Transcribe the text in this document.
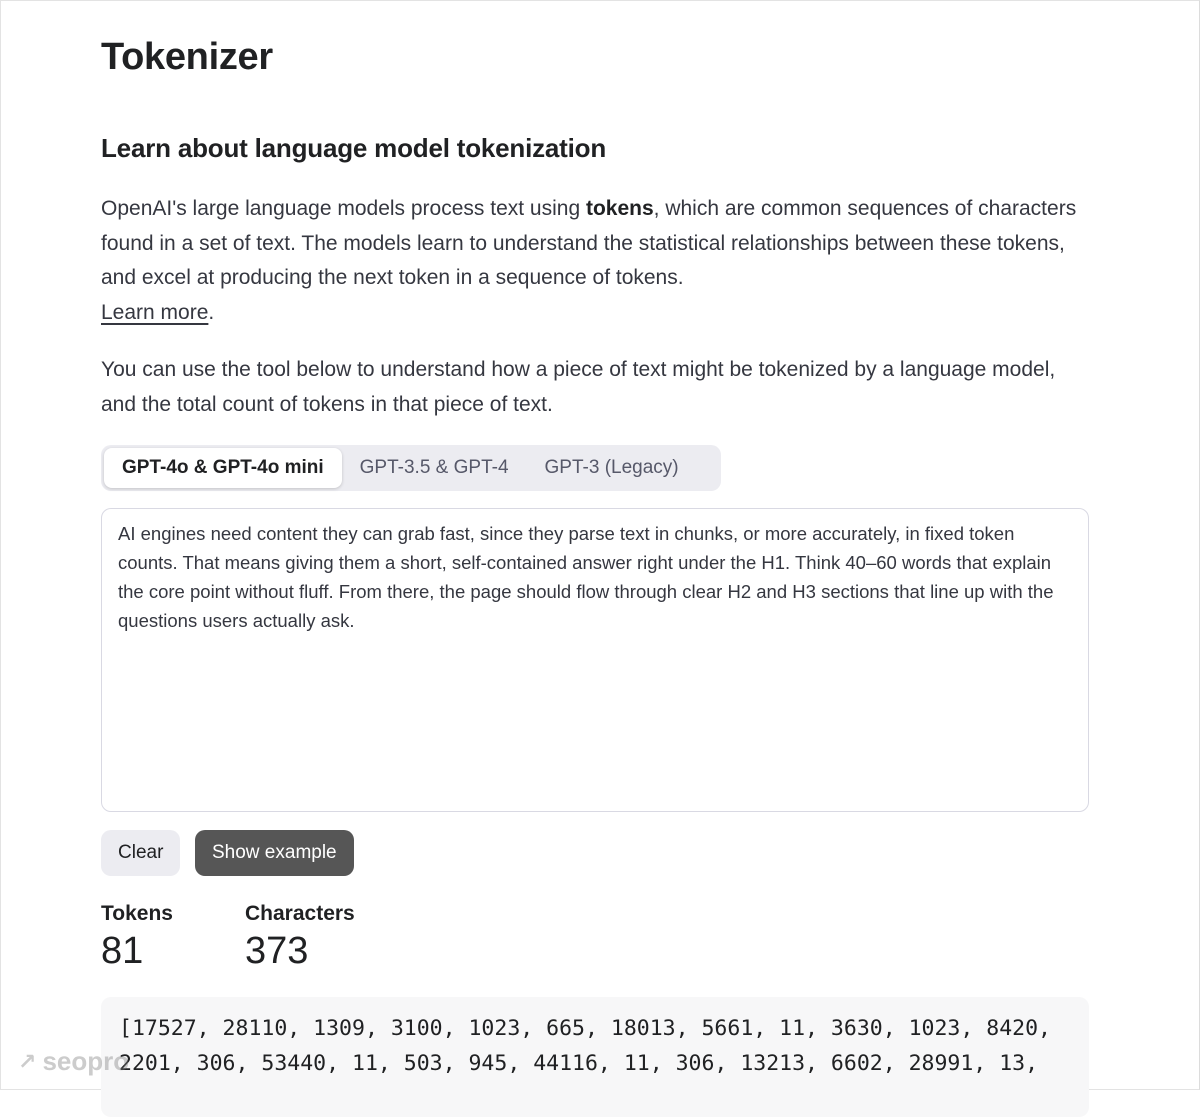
Tokenizer
Learn about language model tokenization

OpenAI's large language models process text using tokens, which are common sequences of characters found in a set of text. The models learn to understand the statistical relationships between these tokens, and excel at producing the next token in a sequence of tokens.
Learn more.

You can use the tool below to understand how a piece of text might be tokenized by a language model, and the total count of tokens in that piece of text.

GPT-4o & GPT-4o mini	GPT-3.5 & GPT-4	GPT-3 (Legacy)
AI engines need content they can grab fast, since they parse text in chunks, or more accurately, in fixed token counts. That means giving them a short, self-contained answer right under the H1. Think 40–60 words that explain the core point without fluff. From there, the page should flow through clear H2 and H3 sections that line up with the questions users actually ask.
Clear	Show example
Tokens
81
Characters
373
[17527, 28110, 1309, 3100, 1023, 665, 18013, 5661, 11, 3630, 1023, 8420, 2201, 306, 53440, 11, 503, 945, 44116, 11, 306, 13213, 6602, 28991, 13,
↗ seopro
